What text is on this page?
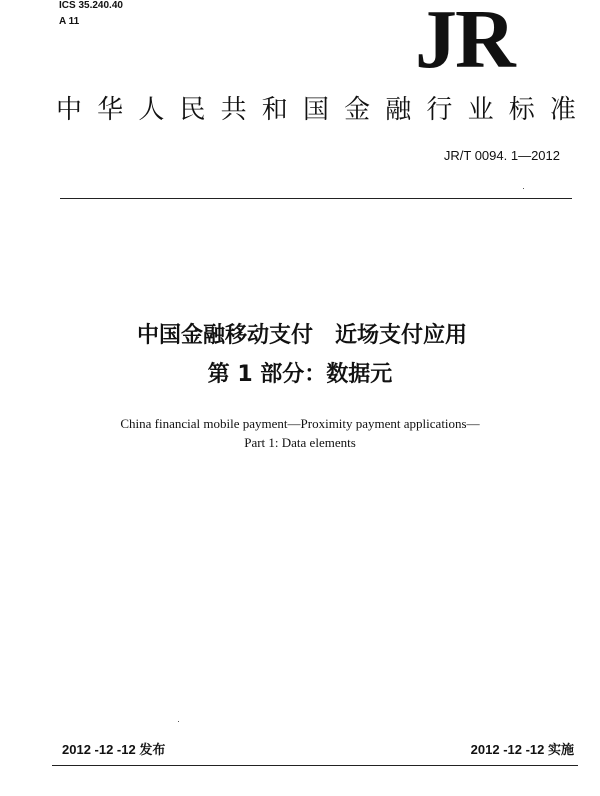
ICS 35.240.40
A 11	JR
中 华 人 民 共 和 国 金 融 行 业 标 准
JR/T 0094. 1—2012
中国金融移动支付　近场支付应用
第 1 部分：数据元
China financial mobile payment—Proximity payment applications—
Part 1: Data elements
2012 -12 -12 发布	2012 -12 -12 实施
